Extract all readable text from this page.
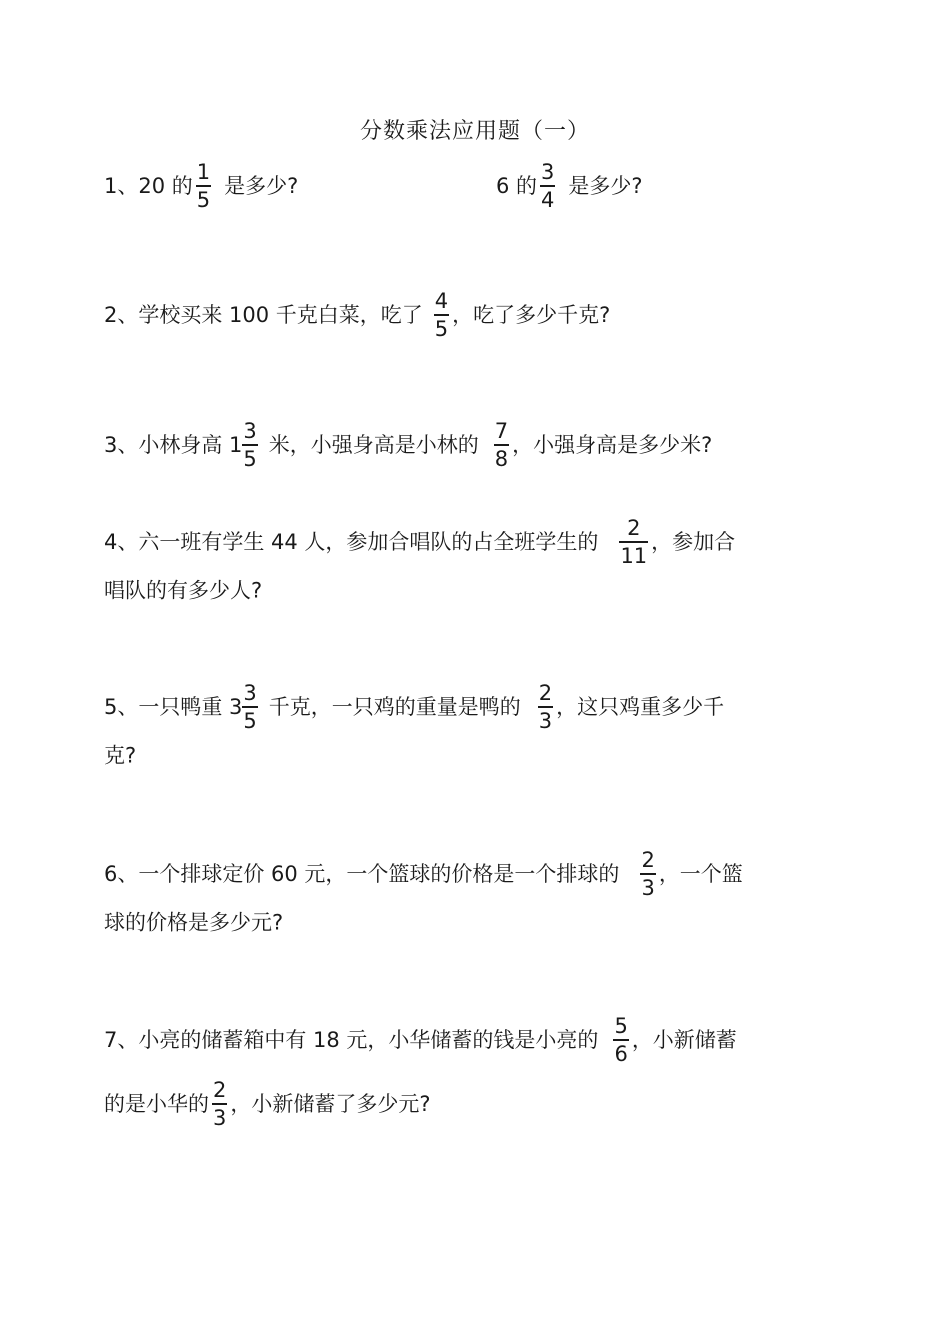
分数乘法应用题（一）
1、20 的 $\frac{1}{5}$ 是多少?	6 的 $\frac{3}{4}$ 是多少?
2、学校买来 100 千克白菜，吃了 $\frac{4}{5}$ ，吃了多少千克?
3、小林身高 $1 \frac{3}{5}$ 米，小强身高是小林的 $\frac{7}{8}$ ，小强身高是多少米?
4、六一班有学生 44 人，参加合唱队的占全班学生的 $\frac{2}{11}$ ，参加合
唱队的有多少人?
5、一只鸭重 $3 \frac{3}{5}$ 千克，一只鸡的重量是鸭的 $\frac{2}{3}$ ，这只鸡重多少千
克?
6、一个排球定价 60 元，一个篮球的价格是一个排球的 $\frac{2}{3}$ ，一个篮
球的价格是多少元?
7、小亮的储蓄箱中有 18 元，小华储蓄的钱是小亮的 $\frac{5}{6}$ ，小新储蓄
的是小华的 $\frac{2}{3}$ ，小新储蓄了多少元?
